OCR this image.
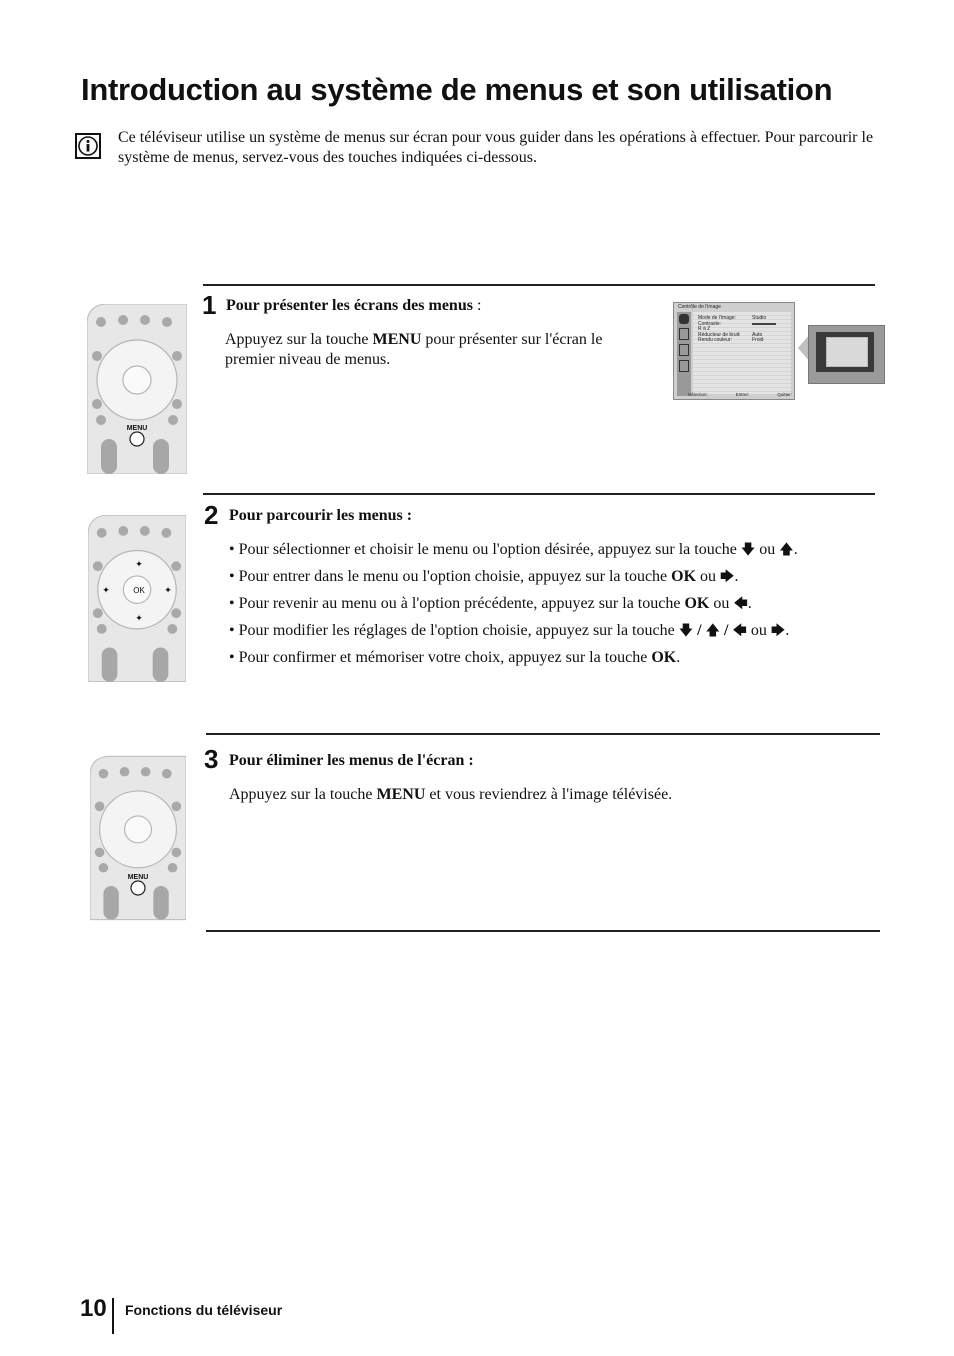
Introduction au système de menus et son utilisation
Ce téléviseur utilise un système de menus sur écran pour vous guider dans les opérations à effectuer. Pour parcourir le système de menus, servez-vous des touches indiquées ci-dessous.
MENU
1 Pour présenter les écrans des menus :
Appuyez sur la touche MENU pour présenter sur l'écran le premier niveau de menus.
Contrôle de l'image
Mode de l'image:	Studio
Contraste:
R à Z
Réducteur de bruit:	Auto
Rendu couleur:	Froid
Sélection:	Entrer:	Quitter:
OK
✦
✦
✦	✦
2 Pour parcourir les menus :
• Pour sélectionner et choisir le menu ou l'option désirée, appuyez sur la touche 🡇 ou 🡅.
• Pour entrer dans le menu ou l'option choisie, appuyez sur la touche OK ou 🡆.
• Pour revenir au menu ou à l'option précédente, appuyez sur la touche OK ou 🡄.
• Pour modifier les réglages de l'option choisie, appuyez sur la touche 🡇 / 🡅 / 🡄 ou 🡆.
• Pour confirmer et mémoriser votre choix, appuyez sur la touche OK.
MENU
3 Pour éliminer les menus de l'écran :
Appuyez sur la touche MENU et vous reviendrez à l'image télévisée.
10 Fonctions du téléviseur
